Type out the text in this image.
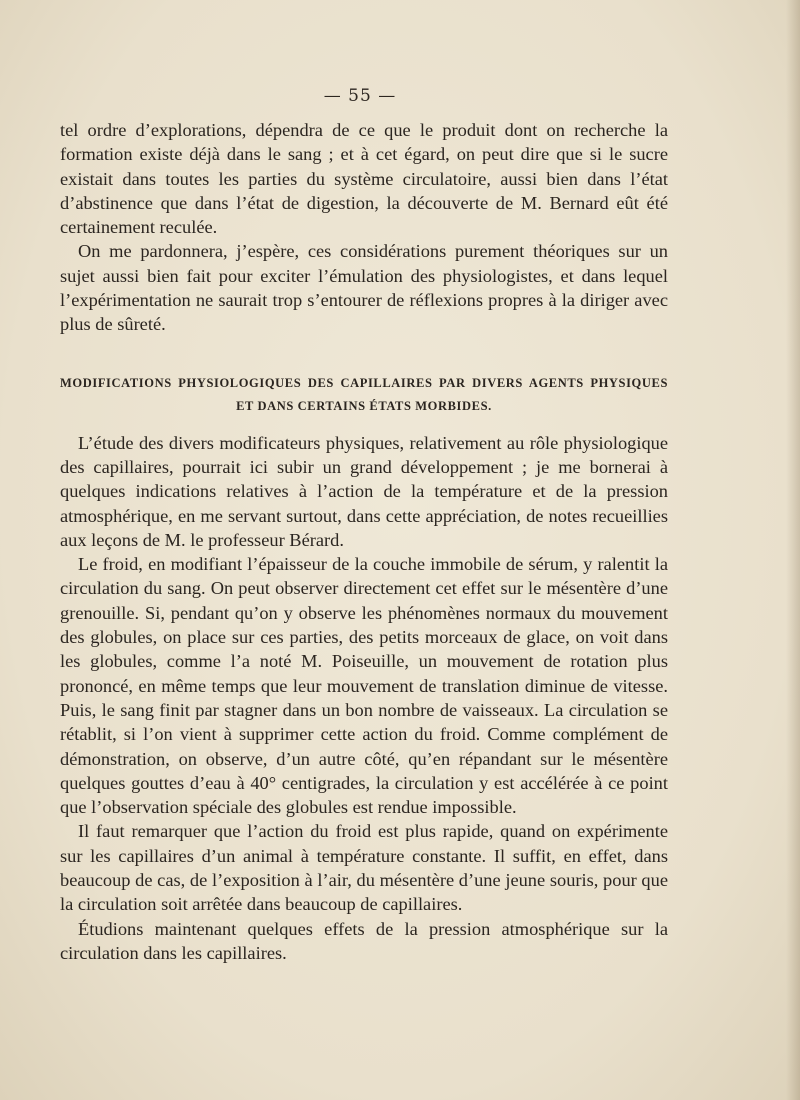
— 55 —

tel ordre d’explorations, dépendra de ce que le produit dont on recherche la formation existe déjà dans le sang ; et à cet égard, on peut dire que si le sucre existait dans toutes les parties du système circulatoire, aussi bien dans l’état d’abstinence que dans l’état de digestion, la découverte de M. Bernard eût été certainement reculée.

On me pardonnera, j’espère, ces considérations purement théoriques sur un sujet aussi bien fait pour exciter l’émulation des physiologistes, et dans lequel l’expérimentation ne saurait trop s’entourer de réflexions propres à la diriger avec plus de sûreté.

MODIFICATIONS PHYSIOLOGIQUES DES CAPILLAIRES PAR DIVERS AGENTS PHYSIQUES
ET DANS CERTAINS ÉTATS MORBIDES.

L’étude des divers modificateurs physiques, relativement au rôle physiologique des capillaires, pourrait ici subir un grand développement ; je me bornerai à quelques indications relatives à l’action de la température et de la pression atmosphérique, en me servant surtout, dans cette appréciation, de notes recueillies aux leçons de M. le professeur Bérard.

Le froid, en modifiant l’épaisseur de la couche immobile de sérum, y ralentit la circulation du sang. On peut observer directement cet effet sur le mésentère d’une grenouille. Si, pendant qu’on y observe les phénomènes normaux du mouvement des globules, on place sur ces parties, des petits morceaux de glace, on voit dans les globules, comme l’a noté M. Poiseuille, un mouvement de rotation plus prononcé, en même temps que leur mouvement de translation diminue de vitesse. Puis, le sang finit par stagner dans un bon nombre de vaisseaux. La circulation se rétablit, si l’on vient à supprimer cette action du froid. Comme complément de démonstration, on observe, d’un autre côté, qu’en répandant sur le mésentère quelques gouttes d’eau à 40° centigrades, la circulation y est accélérée à ce point que l’observation spéciale des globules est rendue impossible.

Il faut remarquer que l’action du froid est plus rapide, quand on expérimente sur les capillaires d’un animal à température constante. Il suffit, en effet, dans beaucoup de cas, de l’exposition à l’air, du mésentère d’une jeune souris, pour que la circulation soit arrêtée dans beaucoup de capillaires.

Étudions maintenant quelques effets de la pression atmosphérique sur la circulation dans les capillaires.
